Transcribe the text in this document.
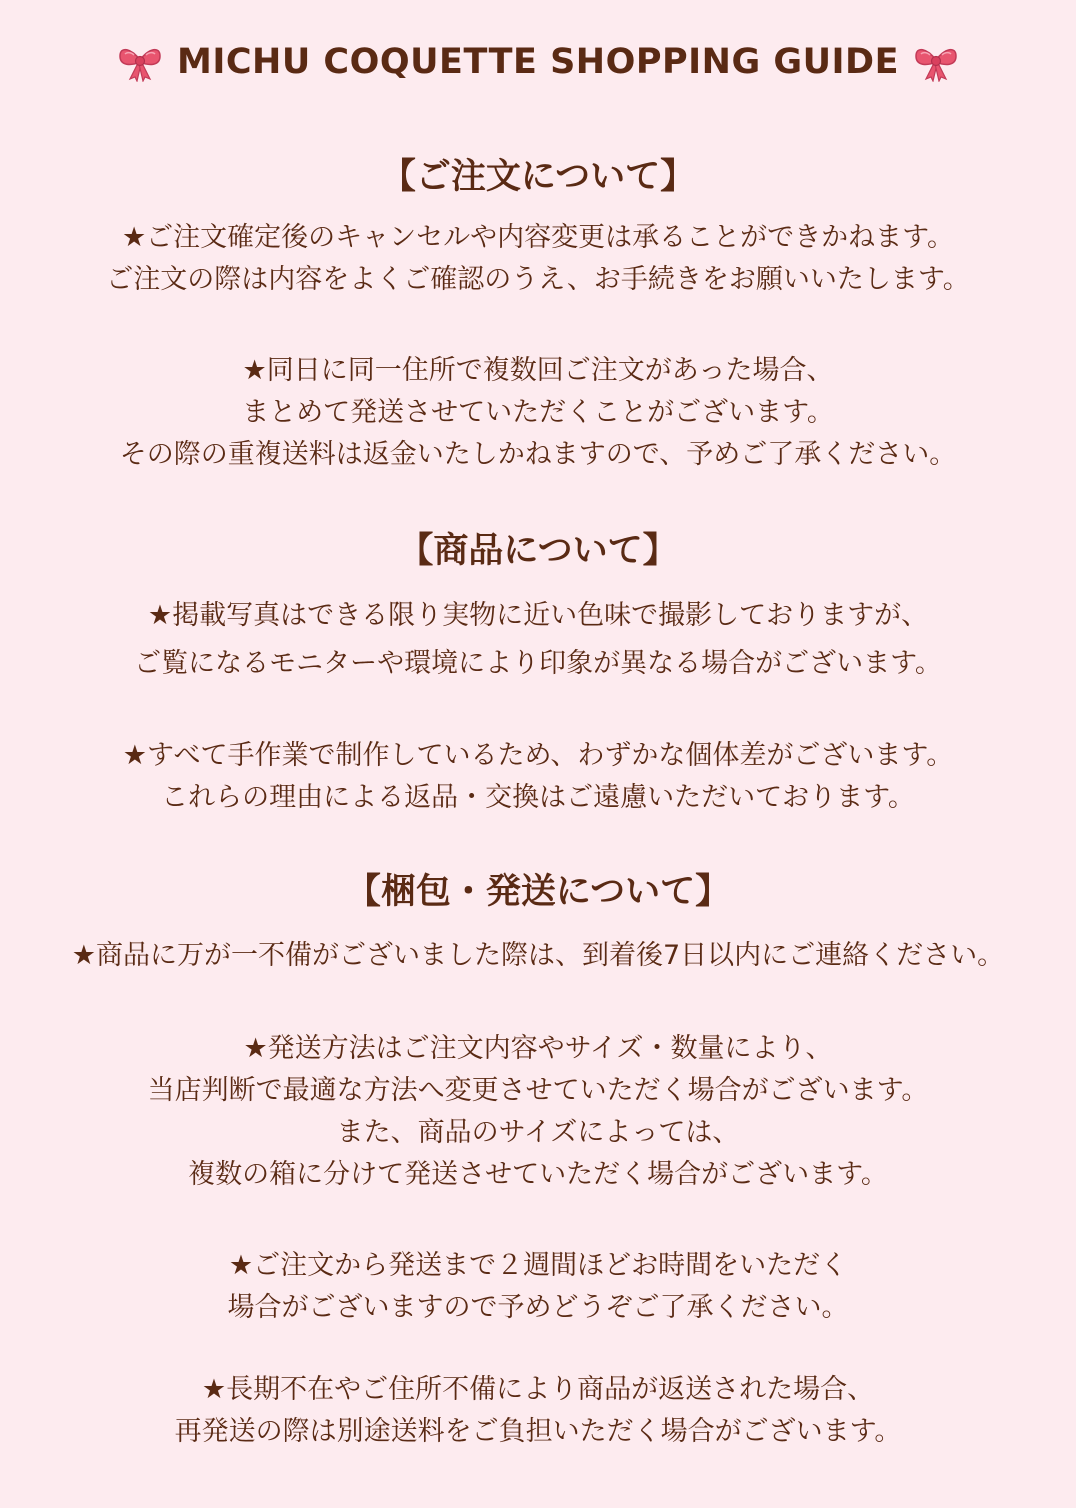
MICHU COQUETTE SHOPPING GUIDE
【ご注文について】
★ご注文確定後のキャンセルや内容変更は承ることができかねます。
ご注文の際は内容をよくご確認のうえ、お手続きをお願いいたします。
★同日に同一住所で複数回ご注文があった場合、
まとめて発送させていただくことがございます。
その際の重複送料は返金いたしかねますので、予めご了承ください。
【商品について】
★掲載写真はできる限り実物に近い色味で撮影しておりますが、
ご覧になるモニターや環境により印象が異なる場合がございます。
★すべて手作業で制作しているため、わずかな個体差がございます。
これらの理由による返品・交換はご遠慮いただいております。
【梱包・発送について】
★商品に万が一不備がございました際は、到着後7日以内にご連絡ください。
★発送方法はご注文内容やサイズ・数量により、
当店判断で最適な方法へ変更させていただく場合がございます。
また、商品のサイズによっては、
複数の箱に分けて発送させていただく場合がございます。
★ご注文から発送まで２週間ほどお時間をいただく
場合がございますので予めどうぞご了承ください。
★長期不在やご住所不備により商品が返送された場合、
再発送の際は別途送料をご負担いただく場合がございます。
